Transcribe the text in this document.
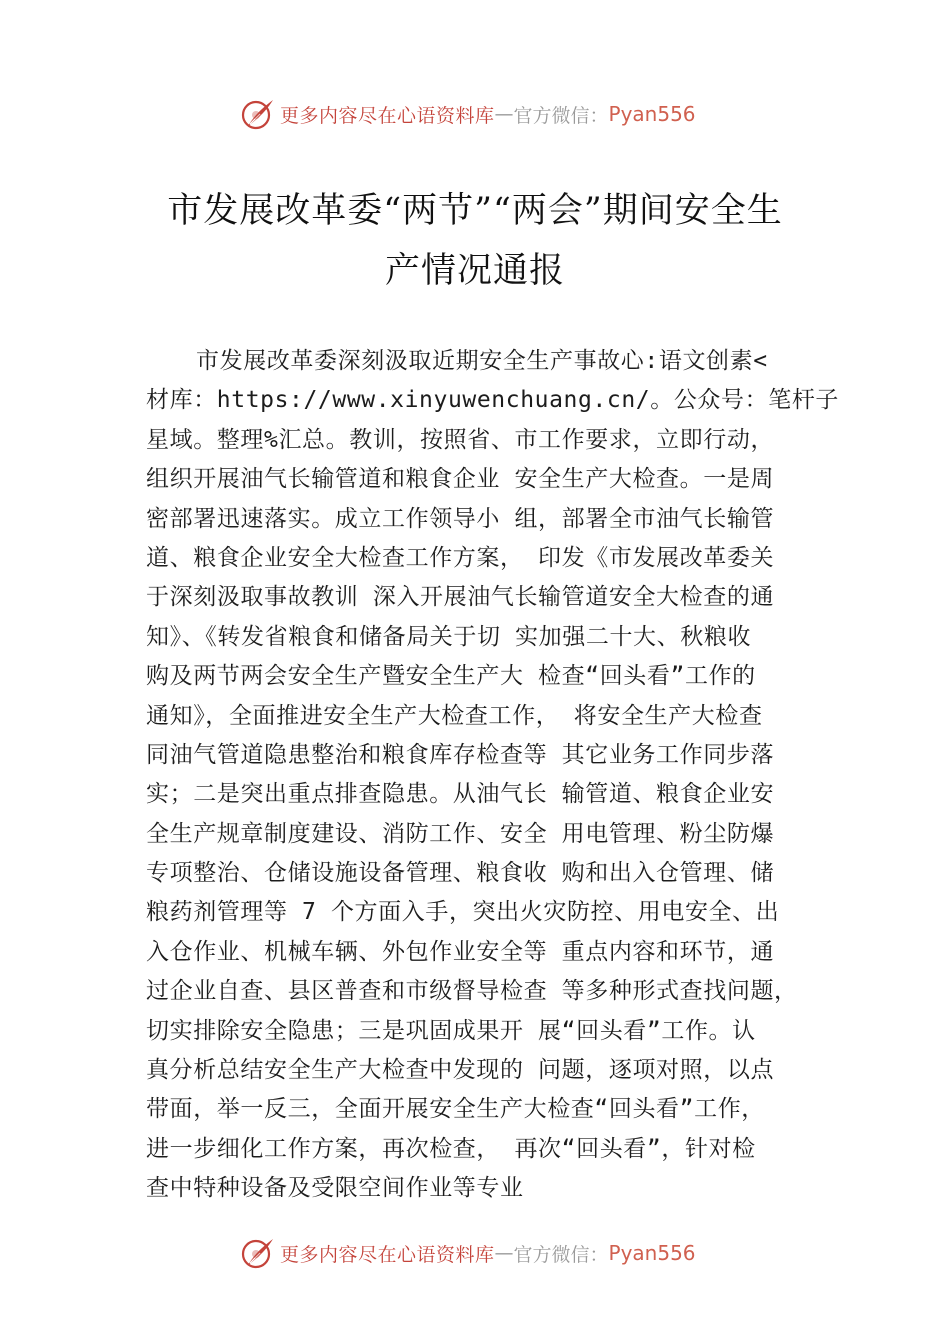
更多内容尽在心语资料库 — 官方微信： Pyan556
市发展改革委“两节”“两会”期间安全生
产情况通报
市发展改革委深刻汲取近期安全生产事故心:语文创素<
材库：https://www.xinyuwenchuang.cn/。公众号：笔杆子
星域。整理%汇总。教训，按照省、市工作要求，立即行动，
组织开展油气长输管道和粮食企业 安全生产大检查。一是周
密部署迅速落实。成立工作领导小 组，部署全市油气长输管
道、粮食企业安全大检查工作方案， 印发《市发展改革委关
于深刻汲取事故教训 深入开展油气长输管道安全大检查的通
知》、《转发省粮食和储备局关于切 实加强二十大、秋粮收
购及两节两会安全生产暨安全生产大 检查“回头看”工作的
通知》，全面推进安全生产大检查工作， 将安全生产大检查
同油气管道隐患整治和粮食库存检查等 其它业务工作同步落
实；二是突出重点排查隐患。从油气长 输管道、粮食企业安
全生产规章制度建设、消防工作、安全 用电管理、粉尘防爆
专项整治、仓储设施设备管理、粮食收 购和出入仓管理、储
粮药剂管理等 7 个方面入手，突出火灾防控、用电安全、出
入仓作业、机械车辆、外包作业安全等 重点内容和环节，通
过企业自查、县区普查和市级督导检查 等多种形式查找问题，
切实排除安全隐患；三是巩固成果开 展“回头看”工作。认
真分析总结安全生产大检查中发现的 问题，逐项对照，以点
带面，举一反三，全面开展安全生产大检查“回头看”工作，
进一步细化工作方案，再次检查， 再次“回头看”，针对检
查中特种设备及受限空间作业等专业
更多内容尽在心语资料库 — 官方微信： Pyan556
